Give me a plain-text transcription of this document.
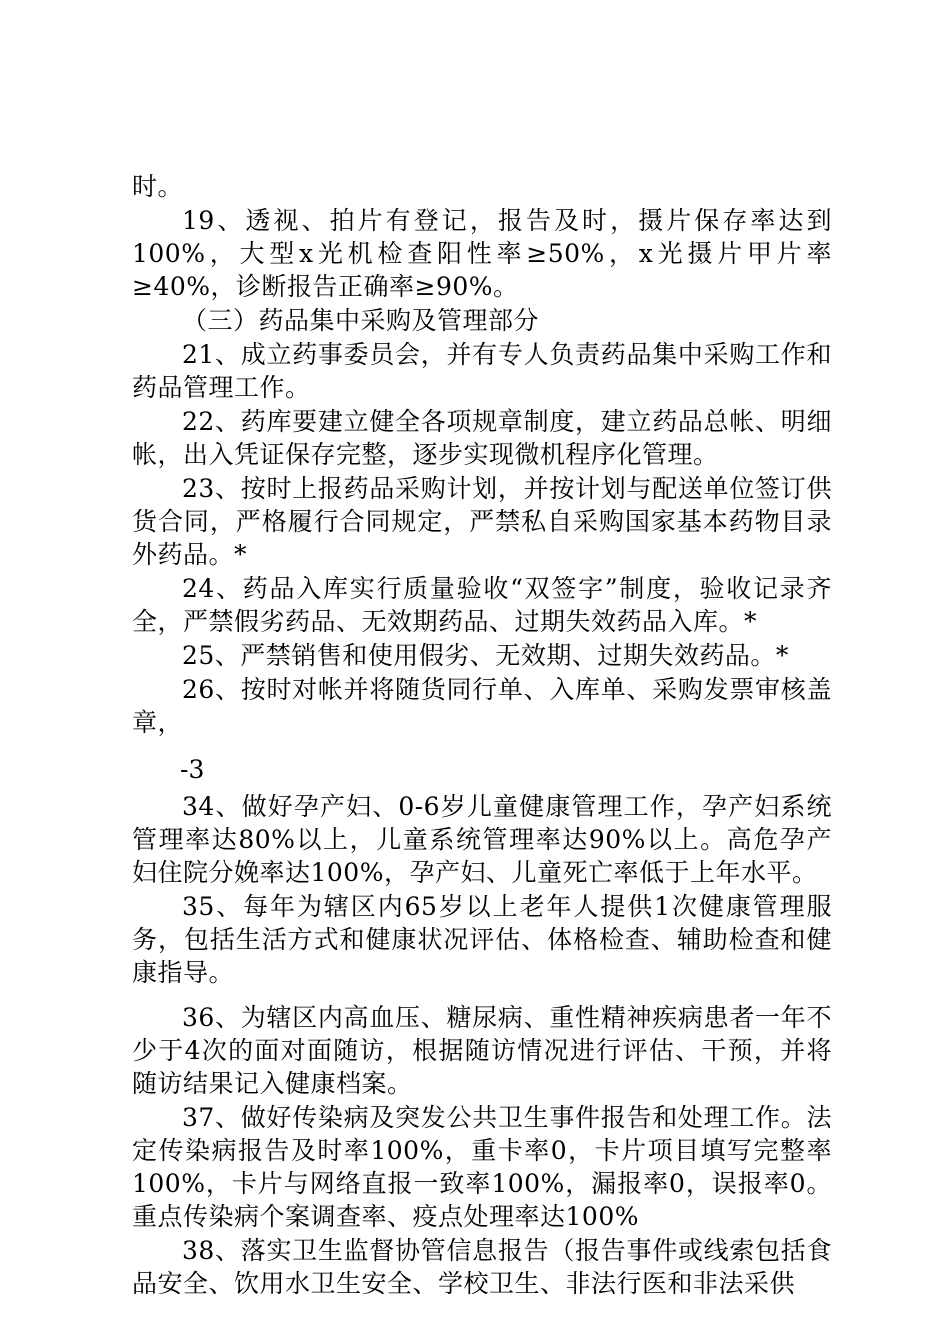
时。

19、透视、拍片有登记，报告及时，摄片保存率达到100%，大型x光机检查阳性率≥50%，x光摄片甲片率≥40%，诊断报告正确率≥90%。

（三）药品集中采购及管理部分

21、成立药事委员会，并有专人负责药品集中采购工作和药品管理工作。

22、药库要建立健全各项规章制度，建立药品总帐、明细帐，出入凭证保存完整，逐步实现微机程序化管理。

23、按时上报药品采购计划，并按计划与配送单位签订供货合同，严格履行合同规定，严禁私自采购国家基本药物目录外药品。*

24、药品入库实行质量验收“双签字”制度，验收记录齐全，严禁假劣药品、无效期药品、过期失效药品入库。*

25、严禁销售和使用假劣、无效期、过期失效药品。*

26、按时对帐并将随货同行单、入库单、采购发票审核盖章，

-3

34、做好孕产妇、0-6岁儿童健康管理工作，孕产妇系统管理率达80%以上，儿童系统管理率达90%以上。高危孕产妇住院分娩率达100%，孕产妇、儿童死亡率低于上年水平。

35、每年为辖区内65岁以上老年人提供1次健康管理服务，包括生活方式和健康状况评估、体格检查、辅助检查和健康指导。

36、为辖区内高血压、糖尿病、重性精神疾病患者一年不少于4次的面对面随访，根据随访情况进行评估、干预，并将随访结果记入健康档案。

37、做好传染病及突发公共卫生事件报告和处理工作。法定传染病报告及时率100%，重卡率0，卡片项目填写完整率100%，卡片与网络直报一致率100%，漏报率0，误报率0。重点传染病个案调查率、疫点处理率达100%

38、落实卫生监督协管信息报告（报告事件或线索包括食品安全、饮用水卫生安全、学校卫生、非法行医和非法采供
